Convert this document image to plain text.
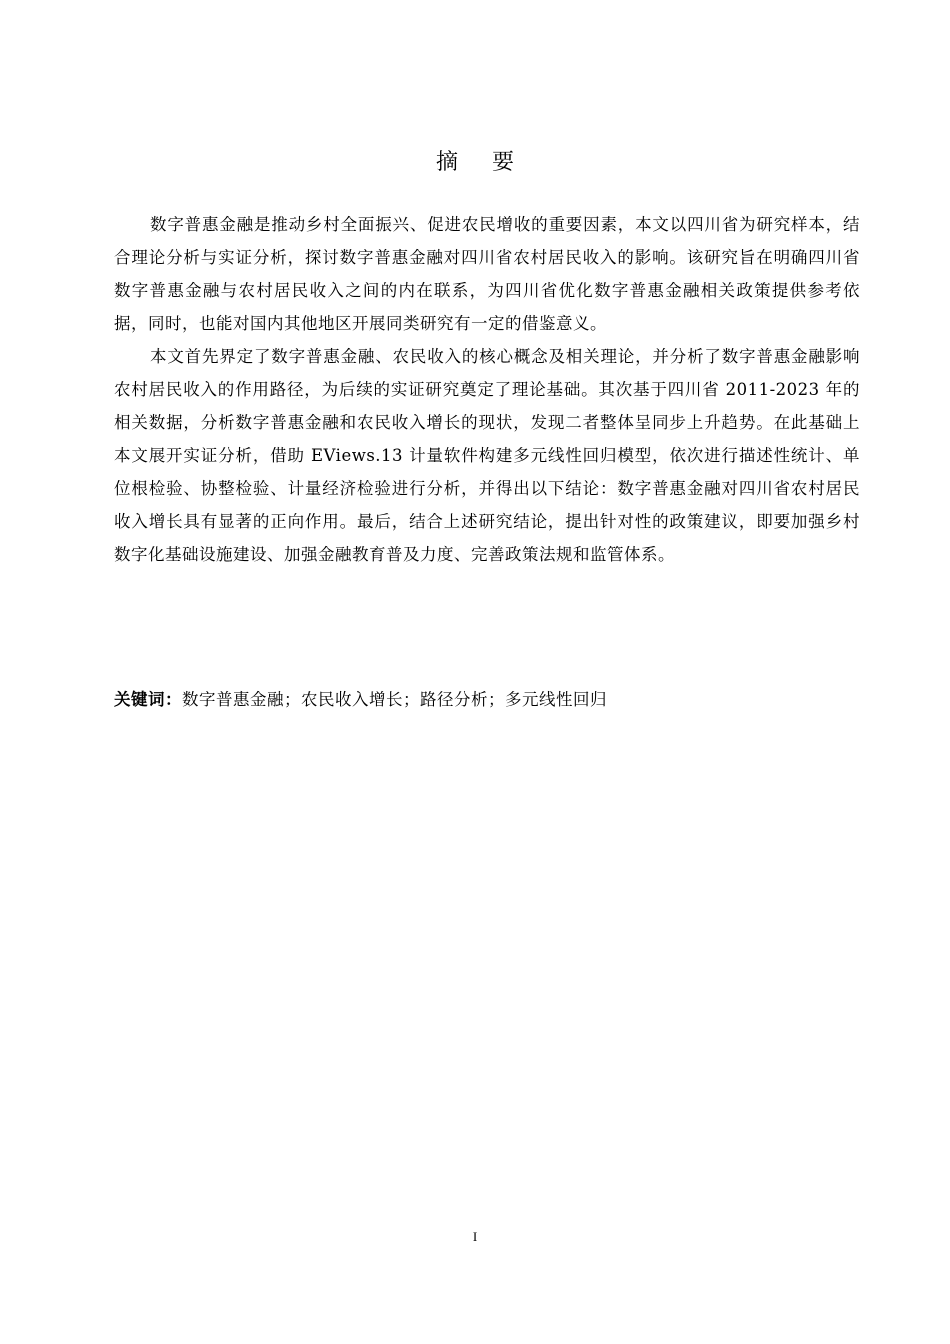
摘要

数字普惠金融是推动乡村全面振兴、促进农民增收的重要因素，本文以四川省为研究样本，结合理论分析与实证分析，探讨数字普惠金融对四川省农村居民收入的影响。该研究旨在明确四川省数字普惠金融与农村居民收入之间的内在联系，为四川省优化数字普惠金融相关政策提供参考依据，同时，也能对国内其他地区开展同类研究有一定的借鉴意义。

本文首先界定了数字普惠金融、农民收入的核心概念及相关理论，并分析了数字普惠金融影响农村居民收入的作用路径，为后续的实证研究奠定了理论基础。其次基于四川省 2011-2023 年的相关数据，分析数字普惠金融和农民收入增长的现状，发现二者整体呈同步上升趋势。在此基础上本文展开实证分析，借助 EViews.13 计量软件构建多元线性回归模型，依次进行描述性统计、单位根检验、协整检验、计量经济检验进行分析，并得出以下结论：数字普惠金融对四川省农村居民收入增长具有显著的正向作用。最后，结合上述研究结论，提出针对性的政策建议，即要加强乡村数字化基础设施建设、加强金融教育普及力度、完善政策法规和监管体系。

关键词：数字普惠金融；农民收入增长；路径分析；多元线性回归
I
